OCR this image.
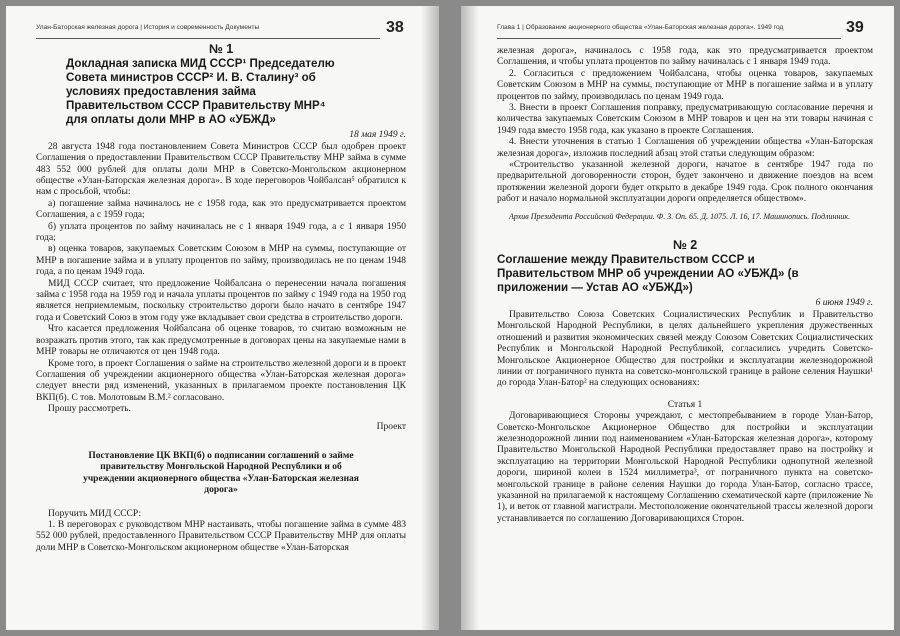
Улан-Баторская железная дорога | История и современность Документы	38
№ 1
Докладная записка МИД СССР¹ Председателю Совета министров СССР² И. В. Сталину³ об условиях предоставления займа Правительством СССР Правительству МНР⁴ для оплаты доли МНР в АО «УБЖД»

18 мая 1949 г.

28 августа 1948 года постановлением Совета Министров СССР был одобрен проект Соглашения о предоставлении Правительством СССР Правительству МНР займа в сумме 483 552 000 рублей для оплаты доли МНР в Советско-Монгольском акционерном обществе «Улан-Баторская железная дорога». В ходе переговоров Чойбалсан⁵ обратился к нам с просьбой, чтобы:

а) погашение займа начиналось не с 1958 года, как это предусматривается проектом Соглашения, а с 1959 года;

б) уплата процентов по займу начиналась не с 1 января 1949 года, а с 1 января 1950 года;

в) оценка товаров, закупаемых Советским Союзом в МНР на суммы, поступающие от МНР в погашение займа и в уплату процентов по займу, производилась не по ценам 1948 года, а по ценам 1949 года.

МИД СССР считает, что предложение Чойбалсана о перенесении начала погашения займа с 1958 года на 1959 год и начала уплаты процентов по займу с 1949 года на 1950 год является неприемлемым, поскольку строительство дороги было начато в сентябре 1947 года и Советский Союз в этом году уже вкладывает свои средства в строительство дороги.

Что касается предложения Чойбалсана об оценке товаров, то считаю возможным не возражать против этого, так как предусмотренные в договорах цены на закупаемые нами в МНР товары не отличаются от цен 1948 года.

Кроме того, в проект Соглашения о займе на строительство железной дороги и в проект Соглашения об учреждении акционерного общества «Улан-Баторская железная дорога» следует внести ряд изменений, указанных в прилагаемом проекте постановления ЦК ВКП(б). С тов. Молотовым В.М.² согласовано.

Прошу рассмотреть.

Проект

Постановление ЦК ВКП(б) о подписании соглашений о займе правительству Монгольской Народной Республики и об учреждении акционерного общества «Улан-Баторская железная дорога»

Поручить МИД СССР:

1. В переговорах с руководством МНР настаивать, чтобы погашение займа в сумме 483 552 000 рублей, предоставленного Правительством СССР Правительству МНР для оплаты доли МНР в Советско-Монгольском акционерном обществе «Улан-Баторская

Глава 1 | Образование акционерного общества «Улан-Баторская железная дорога». 1949 год	39

железная дорога», начиналось с 1958 года, как это предусматривается проектом Соглашения, и чтобы уплата процентов по займу начиналась с 1 января 1949 года.

2. Согласиться с предложением Чойбалсана, чтобы оценка товаров, закупаемых Советским Союзом в МНР на суммы, поступающие от МНР в погашение займа и в уплату процентов по займу, производилась по ценам 1949 года.

3. Внести в проект Соглашения поправку, предусматривающую согласование перечня и количества закупаемых Советским Союзом в МНР товаров и цен на эти товары начиная с 1949 года вместо 1958 года, как указано в проекте Соглашения.

4. Внести уточнения в статью 1 Соглашения об учреждении общества «Улан-Баторская железная дорога», изложив последний абзац этой статьи следующим образом:

«Строительство указанной железной дороги, начатое в сентябре 1947 года по предварительной договоренности сторон, будет закончено и движение поездов на всем протяжении железной дороги будет открыто в декабре 1949 года. Срок полного окончания работ и начало нормальной эксплуатации дороги определяется обществом».

Архив Президента Российской Федерации. Ф. 3. Оп. 65. Д. 1075. Л. 16, 17. Машинопись. Подлинник.

№ 2
Соглашение между Правительством СССР и Правительством МНР об учреждении АО «УБЖД» (в приложении — Устав АО «УБЖД»)

6 июня 1949 г.

Правительство Союза Советских Социалистических Республик и Правительство Монгольской Народной Республики, в целях дальнейшего укрепления дружественных отношений и развития экономических связей между Союзом Советских Социалистических Республик и Монгольской Народной Республикой, согласились учредить Советско-Монгольское Акционерное Общество для постройки и эксплуатации железнодорожной линии от пограничного пункта на советско-монгольской границе в районе селения Наушки¹ до города Улан-Батор² на следующих основаниях:

Статья 1

Договаривающиеся Стороны учреждают, с местопребыванием в городе Улан-Батор, Советско-Монгольское Акционерное Общество для постройки и эксплуатации железнодорожной линии под наименованием «Улан-Баторская железная дорога», которому Правительство Монгольской Народной Республики предоставляет право на постройку и эксплуатацию на территории Монгольской Народной Республики однопутной железной дороги, шириной колеи в 1524 миллиметра³, от пограничного пункта на советско-монгольской границе в районе селения Наушки до города Улан-Батор, согласно трассе, указанной на прилагаемой к настоящему Соглашению схематической карте (приложение № 1), и веток от главной магистрали. Местоположение окончательной трассы железной дороги устанавливается по соглашению Договаривающихся Сторон.
